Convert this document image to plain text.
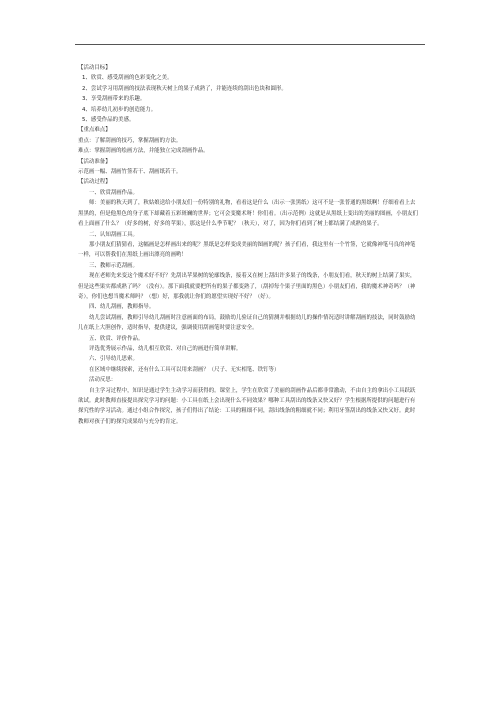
【活动目标】

1、欣赏、感受刮画的色彩变化之美。

2、尝试学习用刮画的技法表现秋天树上的果子成熟了，并能连续的刮出色块和圆形。

3、享受刮画带来的乐趣。

4、培养幼儿初步的创造能力。

5、感受作品的美感。

【重点难点】

重点：了解刮画的技巧，掌握刮画的方法。

难点：掌握刮画的绘画方法，并能独立完成刮画作品。

【活动准备】

示范画一幅、刮画竹签若干、刮画纸若干。

【活动过程】

一、欣赏刮画作品。

师：美丽的秋天到了，秋姑娘送给小朋友们一份特别的礼物，看看这是什么（出示一张黑纸）这可不是一张普通的黑纸啊！仔细看看上去黑黑的，但是他黑色的身子底下却藏着五彩斑斓的世界；它可会变魔术呀！你们看。（出示范例）这就是从黑纸上变出的美丽的图画，小朋友们看上面画了什么？（好多的树，好多的苹果），那这是什么季节呢？（秋天），对了，因为你们看到了树上都结满了成熟的果子。

二、认知刮画工具。

那小朋友们猜猜看，这幅画是怎样画出来的呢？黑纸是怎样变成美丽的图画的呢？孩子们看，我这里有一个竹签，它就像神笔马良的神笔一样，可以帮我们在黑纸上画出漂亮的画哟！

三、教师示范刮画。

现在老师先来变这个魔术好不好？先刮出苹果树的轮廓线条，接着又在树上刮出许多果子的线条，小朋友们看，秋天的树上结满了果实，但是这些果实都成熟了吗？（没有）。那下面我就要把所有的果子都变熟了，（刮掉每个果子里面的黑色）小朋友们看，我的魔术神奇吗？（神奇），你们也想当魔术师吗？（想）好，那我就让你们的愿望实现好不好？（好）。

四、幼儿刮画，教师指导。

幼儿尝试刮画，教师引导幼儿刮画时注意画面的布局，鼓励幼儿验证自己的猜测并根据幼儿的操作情况适时讲解刮画的技法，同时鼓励幼儿在纸上大胆创作，适时指导，提供建议，强调使用刮画笔时要注意安全。

五、欣赏、评价作品。

评选优秀展示作品，幼儿相互欣赏、对自己的画进行简单讲解。

六、引导幼儿思索。

在区域中继续探索，还有什么工具可以用来刮画？（尺子、无实相笔、铁钉等）

活动反思：

自主学习过程中，知识是通过学生主动学习而获得的。课堂上，学生在欣赏了美丽的刮画作品后都非常激动，不由自主的拿出小工具跃跃欲试。此时教师直接提出探究学习的问题：小工具在纸上会出现什么不同效果？哪种工具刮出的线条又快又好？学生根据所提供的问题进行有探究性的学习活动。通过小组合作探究，孩子们得出了结论：工具的粗细不同，刮出线条的粗细就不同；利用牙签刮出的线条又快又好。此时教师对孩子们的探究成果给与充分的肯定。
